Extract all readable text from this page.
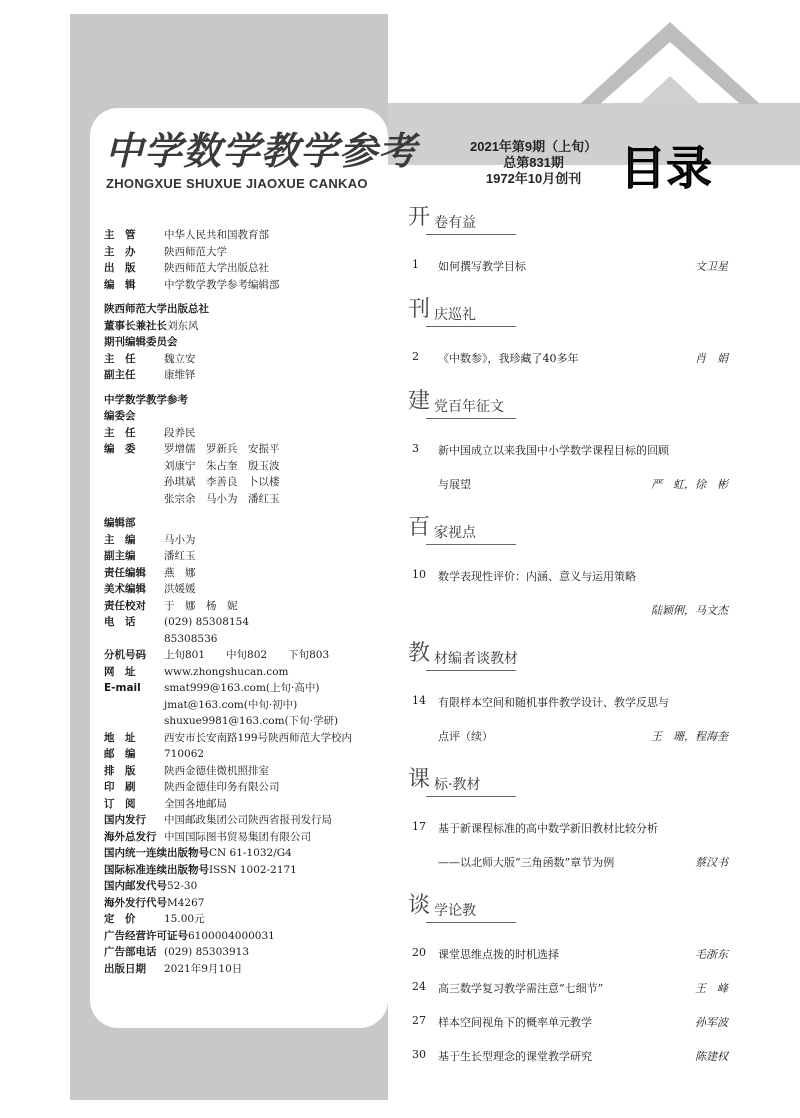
中学数学教学参考
ZHONGXUE SHUXUE JIAOXUE CANKAO
主　管	中华人民共和国教育部
主　办	陕西师范大学
出　版	陕西师范大学出版总社
编　辑	中学数学教学参考编辑部
陕西师范大学出版总社
董事长兼社长 刘东风
期刊编辑委员会
主　任	魏立安
副主任	康维铎
中学数学教学参考
编委会
主　任	段养民
编　委	罗增儒　罗新兵　安振平
刘康宁　朱占奎　殷玉波
孙琪斌　李善良　卜以楼
张宗余　马小为　潘红玉
编辑部
主　编	马小为
副主编	潘红玉
责任编辑	燕　娜
美术编辑	洪媛媛
责任校对	于　娜　杨　妮
电　话	(029) 85308154
85308536
分机号码	上旬801　　中旬802　　下旬803
网　址	www.zhongshucan.com
E-mail	smat999@163.com(上旬·高中)
jmat@163.com(中旬·初中)
shuxue9981@163.com(下旬·学研)
地　址	西安市长安南路199号陕西师范大学校内
邮　编	710062
排　版	陕西金德佳微机照排室
印　刷	陕西金德佳印务有限公司
订　阅	全国各地邮局
国内发行	中国邮政集团公司陕西省报刊发行局
海外总发行 中国国际图书贸易集团有限公司
国内统一连续出版物号 CN 61-1032/G4
国际标准连续出版物号 ISSN 1002-2171
国内邮发代号 52-30
海外发行代号 M4267
定　价	15.00元
广告经营许可证号 6100004000031
广告部电话 (029) 85303913
出版日期	2021年9月10日
2021年第9期（上旬）
总第831期
1972年10月创刊 目录
开 卷有益
1 如何撰写教学目标	文卫星
刊 庆巡礼
2 《中数参》，我珍藏了40多年	肖　娟
建 党百年征文
3 新中国成立以来我国中小学数学课程目标的回顾
与展望	严　虹，徐　彬
百 家视点
10 数学表现性评价：内涵、意义与运用策略
陆颖俐，马文杰
教 材编者谈教材
14 有限样本空间和随机事件教学设计、教学反思与
点评（续）	王　珊，程海奎
课 标·教材
17 基于新课程标准的高中数学新旧教材比较分析
——以北师大版“三角函数”章节为例	蔡汉书
谈 学论教
20 课堂思维点拨的时机选择	毛浙东
24 高三数学复习教学需注意“七细节”	王　峰
27 样本空间视角下的概率单元教学	孙军波
30 基于生长型理念的课堂教学研究	陈建权
